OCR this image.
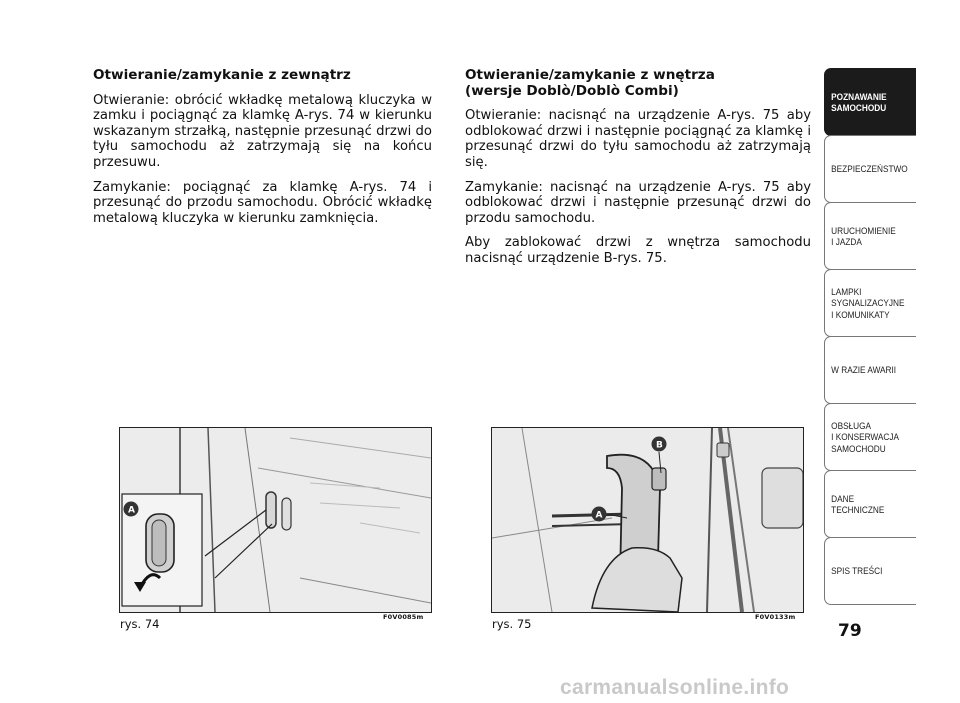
Otwieranie/zamykanie z zewnątrz

Otwieranie: obrócić wkładkę metalową kluczyka w zamku i pociągnąć za klamkę A-rys. 74 w kierunku wskazanym strzałką, następnie przesunąć drzwi do tyłu samochodu aż zatrzymają się na końcu przesuwu.

Zamykanie: pociągnąć za klamkę A-rys. 74 i przesunąć do przodu samochodu. Obrócić wkładkę metalową kluczyka w kierunku zamknięcia.

Otwieranie/zamykanie z wnętrza
(wersje Doblò/Doblò Combi)

Otwieranie: nacisnąć na urządzenie A-rys. 75 aby odblokować drzwi i następnie pociągnąć za klamkę i przesunąć drzwi do tyłu samochodu aż zatrzymają się.

Zamykanie: nacisnąć na urządzenie A-rys. 75 aby odblokować drzwi i następnie przesunąć drzwi do przodu samochodu.

Aby zablokować drzwi z wnętrza samochodu nacisnąć urządzenie B-rys. 75.

A
rys. 74	F0V0085m
B
A
rys. 75	F0V0133m
POZNAWANIE
SAMOCHODU
BEZPIECZEŃSTWO
URUCHOMIENIE
I JAZDA
LAMPKI
SYGNALIZACYJNE
I KOMUNIKATY
W RAZIE AWARII
OBSŁUGA
I KONSERWACJA
SAMOCHODU
DANE
TECHNICZNE
SPIS TREŚCI
79
carmanualsonline.info
